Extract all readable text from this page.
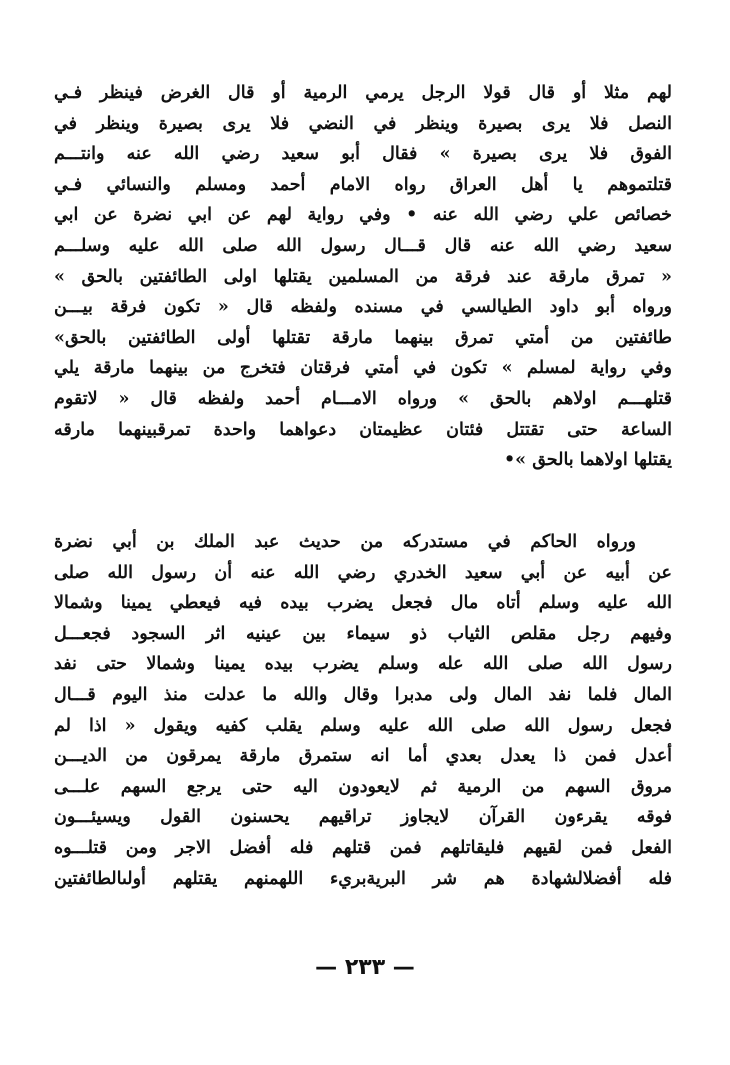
لهم مثلا أو قال قولا الرجل يرمي الرمية أو قال الغرض فينظر فـي
النصل فلا يرى بصيرة وينظر في النضي فلا يرى بصيرة وينظر في
الفوق فلا يرى بصيرة » فقال أبو سعيد رضي الله عنه وانتـــم
قتلتموهم يا أهل العراق رواه الامام أحمد ومسلم والنسائي فـي
خصائص علي رضي الله عنه • وفي رواية لهم عن ابي نضرة عن ابي
سعيد رضي الله عنه قال قـــال رسول الله صلى الله عليه وسلـــم
« تمرق مارقة عند فرقة من المسلمين يقتلها اولى الطائفتين بالحق »
ورواه أبو داود الطيالسي في مسنده ولفظه قال « تكون فرقة بيـــن
طائفتين من أمتي تمرق بينهما مارقة تقتلها أولى الطائفتين بالحق»
وفي رواية لمسلم » تكون في أمتي فرقتان فتخرج من بينهما مارقة يلي
قتلهـــم اولاهم بالحق » ورواه الامـــام أحمد ولفظه قال « لاتقوم
الساعة حتى تقتتل فئتان عظيمتان دعواهما واحدة تمرقبينهما مارقه
يقتلها اولاهما بالحق »•
ورواه الحاكم في مستدركه من حديث عبد الملك بن أبي نضرة
عن أبيه عن أبي سعيد الخدري رضي الله عنه أن رسول الله صلى
الله عليه وسلم أتاه مال فجعل يضرب بيده فيه فيعطي يمينا وشمالا
وفيهم رجل مقلص الثياب ذو سيماء بين عينيه اثر السجود فجعـــل
رسول الله صلى الله عله وسلم يضرب بيده يمينا وشمالا حتى نفد
المال فلما نفد المال ولى مدبرا وقال والله ما عدلت منذ اليوم قـــال
فجعل رسول الله صلى الله عليه وسلم يقلب كفيه ويقول « اذا لم
أعدل فمن ذا يعدل بعدي أما انه ستمرق مارقة يمرقون من الديـــن
مروق السهم من الرمية ثم لايعودون اليه حتى يرجع السهم علـــى
فوقه يقرءون القرآن لايجاوز تراقيهم يحسنون القول ويسيئـــون
الفعل فمن لقيهم فليقاتلهم فمن قتلهم فله أفضل الاجر ومن قتلـــوه
فله أفضلالشهادة هم شر البريةبريء اللهمنهم يقتلهم أولىالطائفتين
— ٢٣٣ —
